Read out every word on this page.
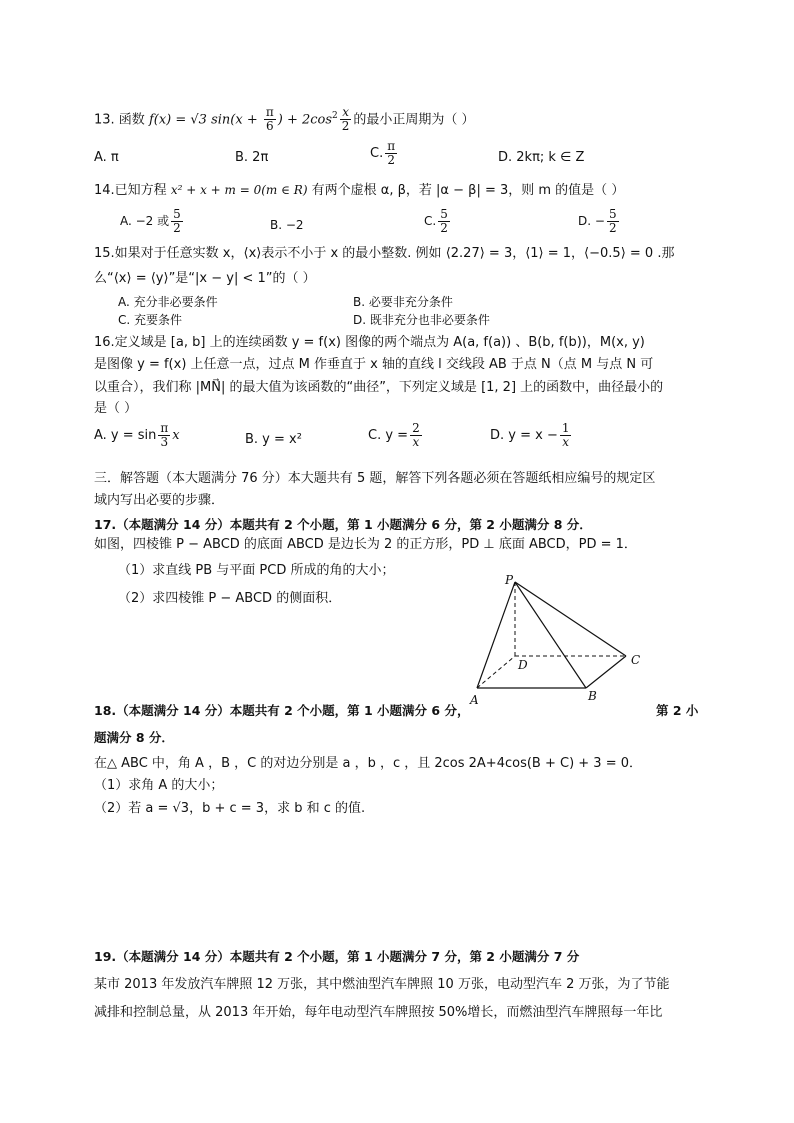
13. 函数 f(x) = √3 $\sin(x + \frac{\pi}{6}$ ) + $2\cos^2 \frac{x}{2}$ 的最小正周期为（ ）
A. π	B. 2π	C. $\frac{\pi}{2}$	D. 2kπ; k ∈ Z
14.已知方程 x² + x + m = 0(m ∈ R) 有两个虚根 α, β，若 |α − β| = 3，则 m 的值是（ ）
A. −2 或 $\frac{5}{2}$	B. −2	C. $\frac{5}{2}$	D. − $\frac{5}{2}$
15.如果对于任意实数 x，⟨x⟩表示不小于 x 的最小整数. 例如 ⟨2.27⟩ = 3，⟨1⟩ = 1，⟨−0.5⟩ = 0 .那
么“⟨x⟩ = ⟨y⟩”是“|x − y| < 1”的（ ）
A. 充分非必要条件	B. 必要非充分条件
C. 充要条件	D. 既非充分也非必要条件
16.定义域是 [a, b] 上的连续函数 y = f(x) 图像的两个端点为 A(a, f(a)) 、B(b, f(b))，M(x, y)
是图像 y = f(x) 上任意一点，过点 M 作垂直于 x 轴的直线 l 交线段 AB 于点 N（点 M 与点 N 可
以重合），我们称 |MN⃗| 的最大值为该函数的“曲径”，下列定义域是 [1, 2] 上的函数中，曲径最小的
是（ ）
A. $y = \sin \frac{\pi}{3}$ x	B. y = x²	C. $y = \frac{2}{x}$	D. $y = x - \frac{1}{x}$
三．解答题（本大题满分 76 分）本大题共有 5 题，解答下列各题必须在答题纸相应编号的规定区
域内写出必要的步骤．
17.（本题满分 14 分）本题共有 2 个小题，第 1 小题满分 6 分，第 2 小题满分 8 分．
如图，四棱锥 P − ABCD 的底面 ABCD 是边长为 2 的正方形，PD ⊥ 底面 ABCD，PD = 1．
（1）求直线 PB 与平面 PCD 所成的角的大小；
（2）求四棱锥 P − ABCD 的侧面积．
P
A	B
C
D
18.（本题满分 14 分）本题共有 2 个小题，第 1 小题满分 6 分，	第 2 小
题满分 8 分．
在△ ABC 中，角 A ，B ，C 的对边分别是 a ，b ，c ，且 2cos 2A+4cos(B + C) + 3 = 0．
（1）求角 A 的大小；
（2）若 a = √3，b + c = 3，求 b 和 c 的值.
19.（本题满分 14 分）本题共有 2 个小题，第 1 小题满分 7 分，第 2 小题满分 7 分
某市 2013 年发放汽车牌照 12 万张，其中燃油型汽车牌照 10 万张，电动型汽车 2 万张，为了节能
减排和控制总量，从 2013 年开始，每年电动型汽车牌照按 50%增长，而燃油型汽车牌照每一年比
